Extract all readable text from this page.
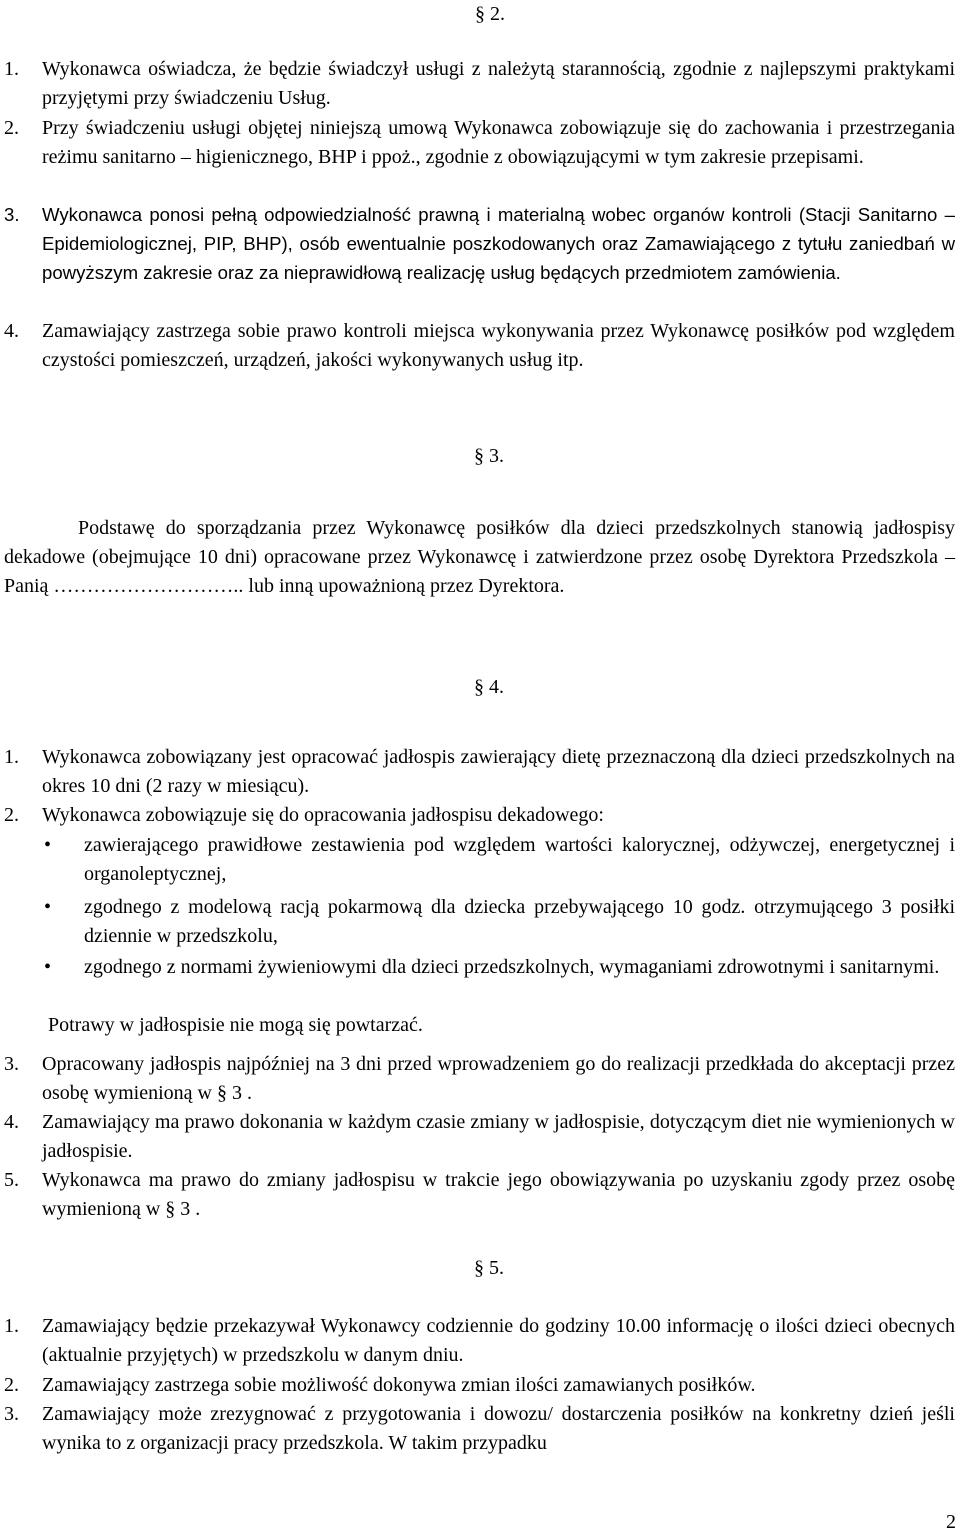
§ 2.
1.	Wykonawca oświadcza, że będzie świadczył usługi z należytą starannością, zgodnie z najlepszymi praktykami przyjętymi przy świadczeniu Usług.
2.	Przy świadczeniu usługi objętej niniejszą umową Wykonawca zobowiązuje się do zachowania i przestrzegania reżimu sanitarno – higienicznego, BHP i ppoż., zgodnie z obowiązującymi w tym zakresie przepisami.
3.	Wykonawca ponosi pełną odpowiedzialność prawną i materialną wobec organów kontroli (Stacji Sanitarno – Epidemiologicznej, PIP, BHP), osób ewentualnie poszkodowanych oraz Zamawiającego z tytułu zaniedbań w powyższym zakresie oraz za nieprawidłową realizację usług będących przedmiotem zamówienia.
4.	Zamawiający zastrzega sobie prawo kontroli miejsca wykonywania przez Wykonawcę posiłków pod względem czystości pomieszczeń, urządzeń, jakości wykonywanych usług itp.
§ 3.
Podstawę do sporządzania przez Wykonawcę posiłków dla dzieci przedszkolnych stanowią jadłospisy dekadowe (obejmujące 10 dni) opracowane przez Wykonawcę i zatwierdzone przez osobę Dyrektora Przedszkola – Panią ……………………….. lub inną upoważnioną przez Dyrektora.
§ 4.
1.	Wykonawca zobowiązany jest opracować jadłospis zawierający dietę przeznaczoną dla dzieci przedszkolnych na okres 10 dni (2 razy w miesiącu).
2.	Wykonawca zobowiązuje się do opracowania jadłospisu dekadowego:
• zawierającego prawidłowe zestawienia pod względem wartości kalorycznej, odżywczej, energetycznej i organoleptycznej,
• zgodnego z modelową racją pokarmową dla dziecka przebywającego 10 godz. otrzymującego 3 posiłki dziennie w przedszkolu,
• zgodnego z normami żywieniowymi dla dzieci przedszkolnych, wymaganiami zdrowotnymi i sanitarnymi.
Potrawy w jadłospisie nie mogą się powtarzać.
3.	Opracowany jadłospis najpóźniej na 3 dni przed wprowadzeniem go do realizacji przedkłada do akceptacji przez osobę wymienioną w § 3 .
4.	Zamawiający ma prawo dokonania w każdym czasie zmiany w jadłospisie, dotyczącym diet nie wymienionych w jadłospisie.
5.	Wykonawca ma prawo do zmiany jadłospisu w trakcie jego obowiązywania po uzyskaniu zgody przez osobę wymienioną w § 3 .
§ 5.
1.	Zamawiający będzie przekazywał Wykonawcy codziennie do godziny 10.00 informację o ilości dzieci obecnych (aktualnie przyjętych) w przedszkolu w danym dniu.
2.	Zamawiający zastrzega sobie możliwość dokonywa zmian ilości zamawianych posiłków.
3.	Zamawiający może zrezygnować z przygotowania i dowozu/ dostarczenia posiłków na konkretny dzień jeśli wynika to z organizacji pracy przedszkola. W takim przypadku
2
